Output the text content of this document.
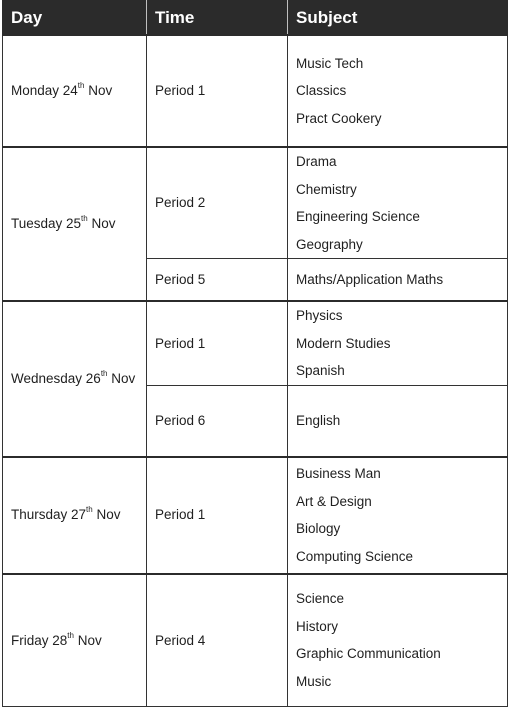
Day	Time	Subject
Monday 24th Nov	Period 1	Music Tech
Classics
Pract Cookery

Tuesday 25th Nov	Period 2	Drama
Chemistry
Engineering Science
Geography

	Period 5	Maths/Application Maths

Wednesday 26th Nov	Period 1	Physics
Modern Studies
Spanish

	Period 6	English

Thursday 27th Nov	Period 1	Business Man
Art & Design
Biology
Computing Science

Friday 28th Nov	Period 4	Science
History
Graphic Communication
Music
